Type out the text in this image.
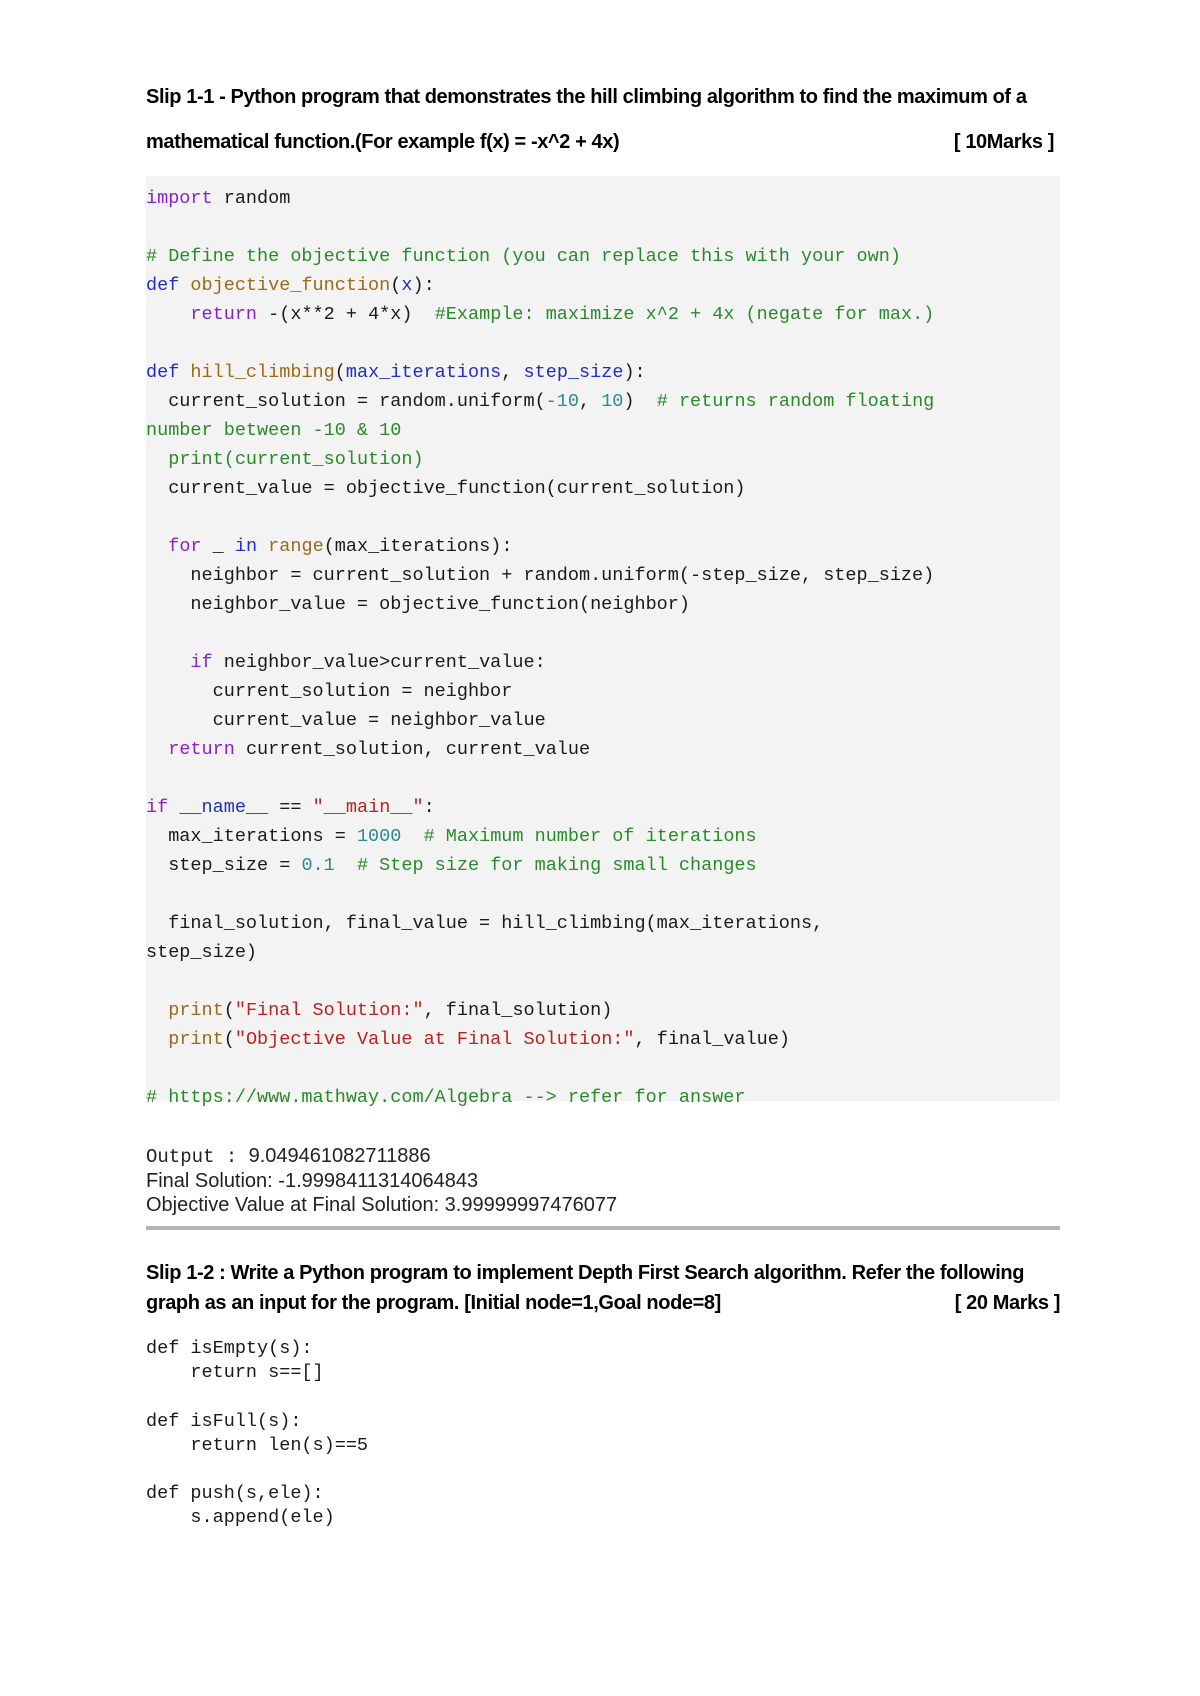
Slip 1-1 - Python program that demonstrates the hill climbing algorithm to find the maximum of a
mathematical function.(For example f(x) = -x^2 + 4x)	[ 10Marks ]
import random

# Define the objective function (you can replace this with your own)
def objective_function(x):
return -(x**2 + 4*x)  #Example: maximize x^2 + 4x (negate for max.)

def hill_climbing(max_iterations, step_size):
current_solution = random.uniform(-10, 10)  # returns random floating
number between -10 & 10
print(current_solution)
current_value = objective_function(current_solution)

for _ in range(max_iterations):
neighbor = current_solution + random.uniform(-step_size, step_size)
neighbor_value = objective_function(neighbor)

if neighbor_value>current_value:
current_solution = neighbor
current_value = neighbor_value
return current_solution, current_value

if __name__ == "__main__":
max_iterations = 1000 # Maximum number of iterations
step_size = 0.1 # Step size for making small changes

final_solution, final_value = hill_climbing(max_iterations,
step_size)

print("Final Solution:", final_solution)
print("Objective Value at Final Solution:", final_value)

# https://www.mathway.com/Algebra --> refer for answer
Output : 9.049461082711886
Final Solution: -1.9998411314064843
Objective Value at Final Solution: 3.99999997476077
Slip 1-2 : Write a Python program to implement Depth First Search algorithm. Refer the following
graph as an input for the program. [Initial node=1,Goal node=8]	[ 20 Marks ]
def isEmpty(s):
return s==[]

def isFull(s):
return len(s)==5

def push(s,ele):
s.append(ele)
